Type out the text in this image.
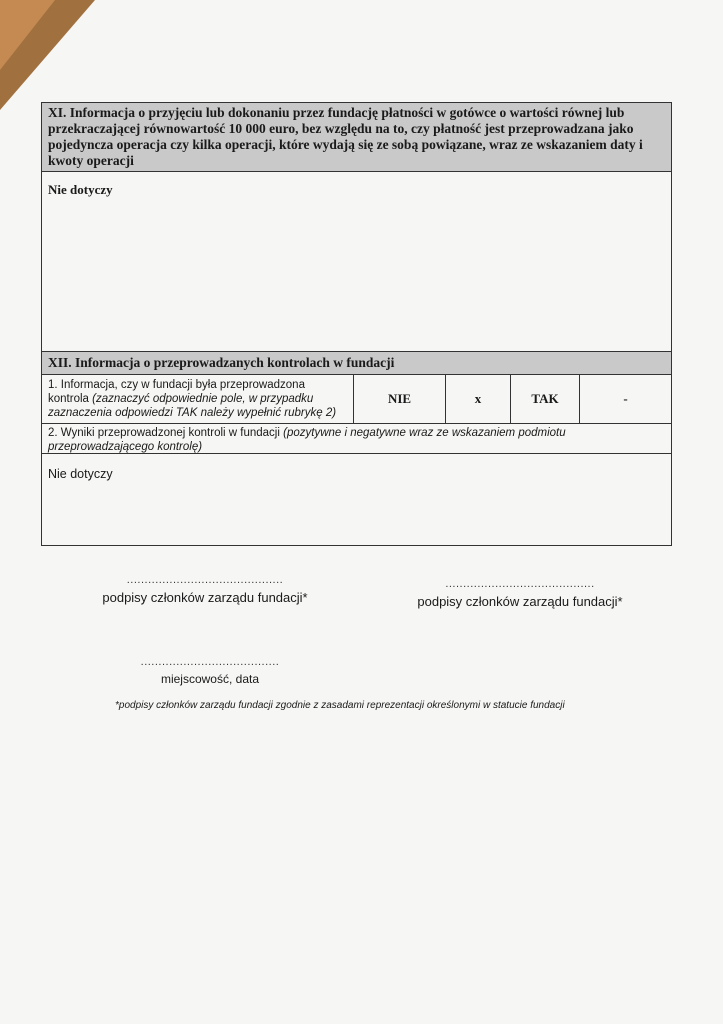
XI. Informacja o przyjęciu lub dokonaniu przez fundację płatności w gotówce o wartości równej lub przekraczającej równowartość 10 000 euro, bez względu na to, czy płatność jest przeprowadzana jako pojedyncza operacja czy kilka operacji, które wydają się ze sobą powiązane, wraz ze wskazaniem daty i kwoty operacji
Nie dotyczy
XII. Informacja o przeprowadzanych kontrolach w fundacji
1. Informacja, czy w fundacji była przeprowadzona kontrola (zaznaczyć odpowiednie pole, w przypadku zaznaczenia odpowiedzi TAK należy wypełnić rubrykę 2)
NIE	x	TAK	-
2. Wyniki przeprowadzonej kontroli w fundacji (pozytywne i negatywne wraz ze wskazaniem podmiotu przeprowadzającego kontrolę)
Nie dotyczy
............................................
podpisy członków zarządu fundacji*
..........................................
podpisy członków zarządu fundacji*
.......................................
miejscowość, data
*podpisy członków zarządu fundacji zgodnie z zasadami reprezentacji określonymi w statucie fundacji
